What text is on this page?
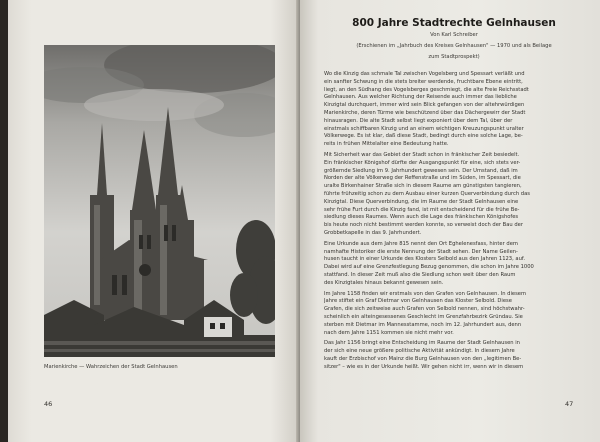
Marienkirche — Wahrzeichen der Stadt Gelnhausen
46
800 Jahre Stadtrechte Gelnhausen
Von Karl Schreiber
(Erschienen im „Jahrbuch des Kreises Gelnhausen" — 1970 und als Beilage
zum Stadtprospekt)
Wo die Kinzig das schmale Tal zwischen Vogelsberg und Spessart verläßt und
ein sanfter Schwung in die stets breiter werdende, fruchtbare Ebene eintritt,
liegt, an den Südhang des Vogelsberges geschmiegt, die alte Freie Reichsstadt
Gelnhausen. Aus welcher Richtung der Reisende auch immer das liebliche
Kinzigtal durchquert, immer wird sein Blick gefangen von der altehrwürdigen
Marienkirche, deren Türme wie beschützend über das Dächergewirr der Stadt
hinausragen. Die alte Stadt selbst liegt exponiert über dem Tal, über der
einstmals schiffbaren Kinzig und an einem wichtigen Kreuzungspunkt uralter
Völkerwege. Es ist klar, daß diese Stadt, bedingt durch eine solche Lage, be-
reits in frühen Mittelalter eine Bedeutung hatte.
Mit Sicherheit war das Gebiet der Stadt schon in fränkischer Zeit besiedelt.
Ein fränkischer Königshof dürfte der Ausgangspunkt für eine, sich stets ver-
größernde Siedlung im 9. Jahrhundert gewesen sein. Der Umstand, daß im
Norden der alte Völkerweg der Reffenstraße und im Süden, im Spessart, die
uralte Birkenhainer Straße sich in diesem Raume am günstigsten tangieren,
führte frühzeitig schon zu dem Ausbau einer kurzen Querverbindung durch das
Kinzigtal. Diese Querverbindung, die im Raume der Stadt Gelnhausen eine
sehr frühe Furt durch die Kinzig fand, ist mit entscheidend für die frühe Be-
siedlung dieses Raumes. Wenn auch die Lage des fränkischen Königshofes
bis heute noch nicht bestimmt werden konnte, so verweist doch der Bau der
Grobbetkapelle in das 9. Jahrhundert.
Eine Urkunde aus dem Jahre 815 nennt den Ort Eghelenesfass, hinter dem
namhafte Historiker die erste Nennung der Stadt sehen. Der Name Geilen-
husen taucht in einer Urkunde des Klosters Selbold aus den Jahren 1123, auf.
Dabei wird auf eine Grenzfestlegung Bezug genommen, die schon im Jahre 1000
stattfand. In dieser Zeit muß also die Siedlung schon weit über den Raum
des Kinzigtales hinaus bekannt gewesen sein.
Im Jahre 1158 finden wir erstmals von den Grafen von Gelnhausen. In diesem
Jahre stiftet ein Graf Dietmar von Gelnhausen das Kloster Selbold. Diese
Grafen, die sich zeitweise auch Grafen von Selbold nennen, sind höchstwahr-
scheinlich ein alteingesessenes Geschlecht im Grenzfahrbezirk Gründau. Sie
sterben mit Dietmar im Mannesstamme, noch im 12. Jahrhundert aus, denn
nach dem Jahre 1151 kommen sie nicht mehr vor.
Das Jahr 1156 bringt eine Entscheidung im Raume der Stadt Gelnhausen in
der sich eine neue größere politische Aktivität ankündigt. In diesem Jahre
kauft der Erzbischof von Mainz die Burg Gelnhausen von den „legitimen Be-
sitzer" – wie es in der Urkunde heißt. Wir gehen nicht irr, wenn wir in diesem
47
